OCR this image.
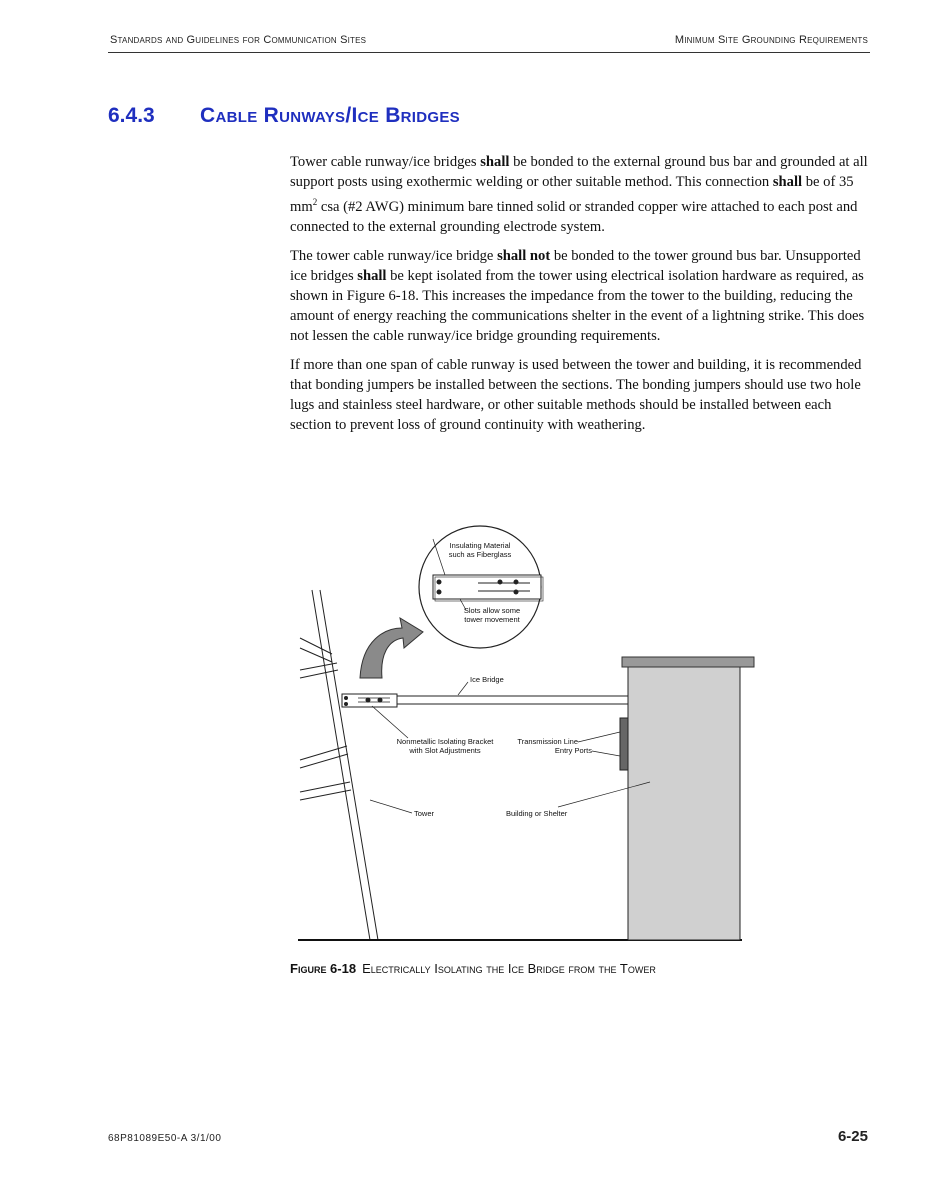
Standards and Guidelines for Communication Sites	Minimum Site Grounding Requirements
6.4.3 Cable Runways/Ice Bridges

Tower cable runway/ice bridges shall be bonded to the external ground bus bar and grounded at all support posts using exothermic welding or other suitable method. This connection shall be of 35 $mm^2$ csa (#2 AWG) minimum bare tinned solid or stranded copper wire attached to each post and connected to the external grounding electrode system.

The tower cable runway/ice bridge shall not be bonded to the tower ground bus bar. Unsupported ice bridges shall be kept isolated from the tower using electrical isolation hardware as required, as shown in Figure 6-18. This increases the impedance from the tower to the building, reducing the amount of energy reaching the communications shelter in the event of a lightning strike. This does not lessen the cable runway/ice bridge grounding requirements.

If more than one span of cable runway is used between the tower and building, it is recommended that bonding jumpers be installed between the sections. The bonding jumpers should use two hole lugs and stainless steel hardware, or other suitable methods should be installed between each section to prevent loss of ground continuity with weathering.

Insulating Material
such as Fiberglass
Slots allow some
tower movement
Ice Bridge
Nonmetallic Isolating Bracket
with Slot Adjustments
Transmission Line
Entry Ports
Tower	Building or Shelter
Figure 6-18 Electrically Isolating the Ice Bridge from the Tower
68P81089E50-A 3/1/00	6-25
